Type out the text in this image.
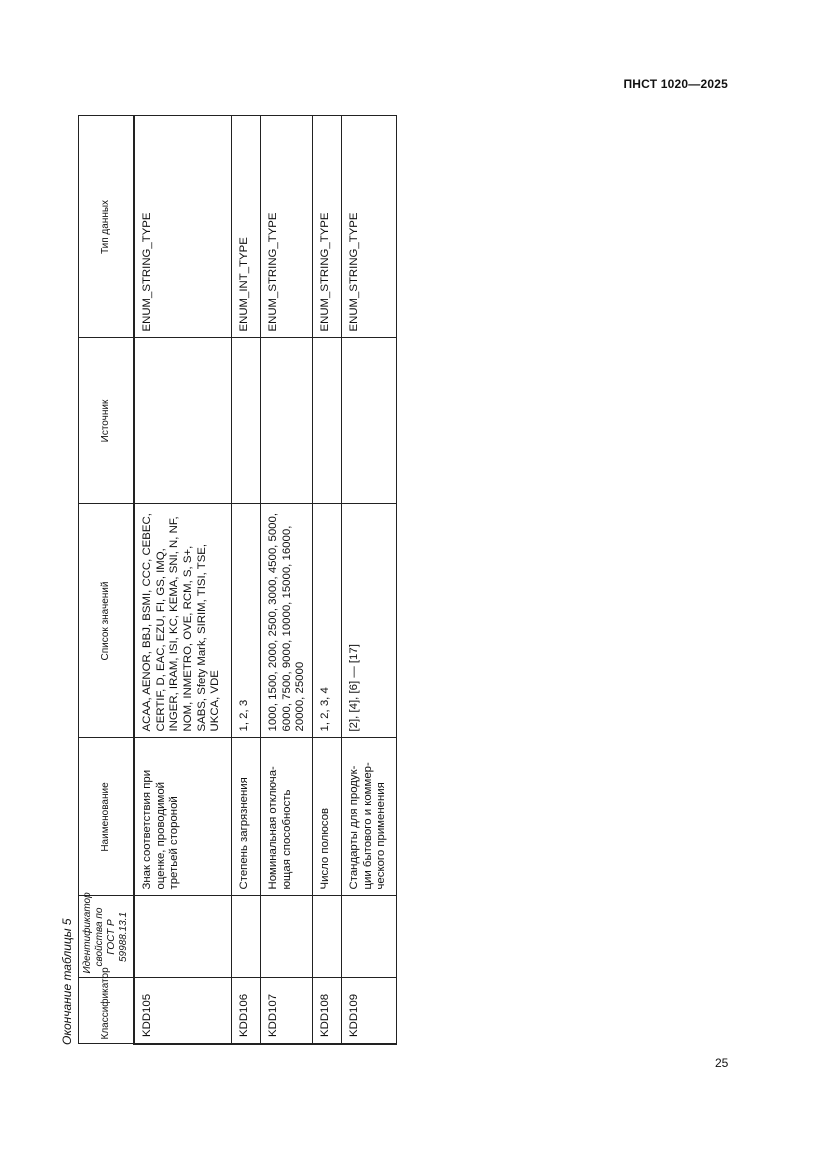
ПНСТ 1020—2025
Окончание таблицы 5	Классификатор	Идентификатор свойства по ГОСТ Р 59988.13.1	Наименование	Список значений	Источник	Тип данных
KDD105		Знак соответствия при оценке, проводимой третьей стороной	ACAA, AENOR, BBJ, BSMI, CCC, CEBEC, CERTIF, D, EAC, EZU, FI, GS, IMQ, INGER, IRAM, ISI, KC, KEMA, SNI, N, NF, NOM, INMETRO, OVE, RCM, S, S+, SABS, Sfety Mark, SIRIM, TISI, TSE, UKCA, VDE		ENUM_STRING_TYPE
KDD106		Степень загрязнения	1, 2, 3		ENUM_INT_TYPE
KDD107		Номинальная отключа-
ющая способность	1000, 1500, 2000, 2500, 3000, 4500, 5000, 6000, 7500, 9000, 10000, 15000, 16000, 20000, 25000		ENUM_STRING_TYPE
KDD108		Число полюсов	1, 2, 3, 4		ENUM_STRING_TYPE
KDD109		Стандарты для продук-
ции бытового и коммер-
ческого применения	[2], [4], [6] — [17]		ENUM_STRING_TYPE
25
